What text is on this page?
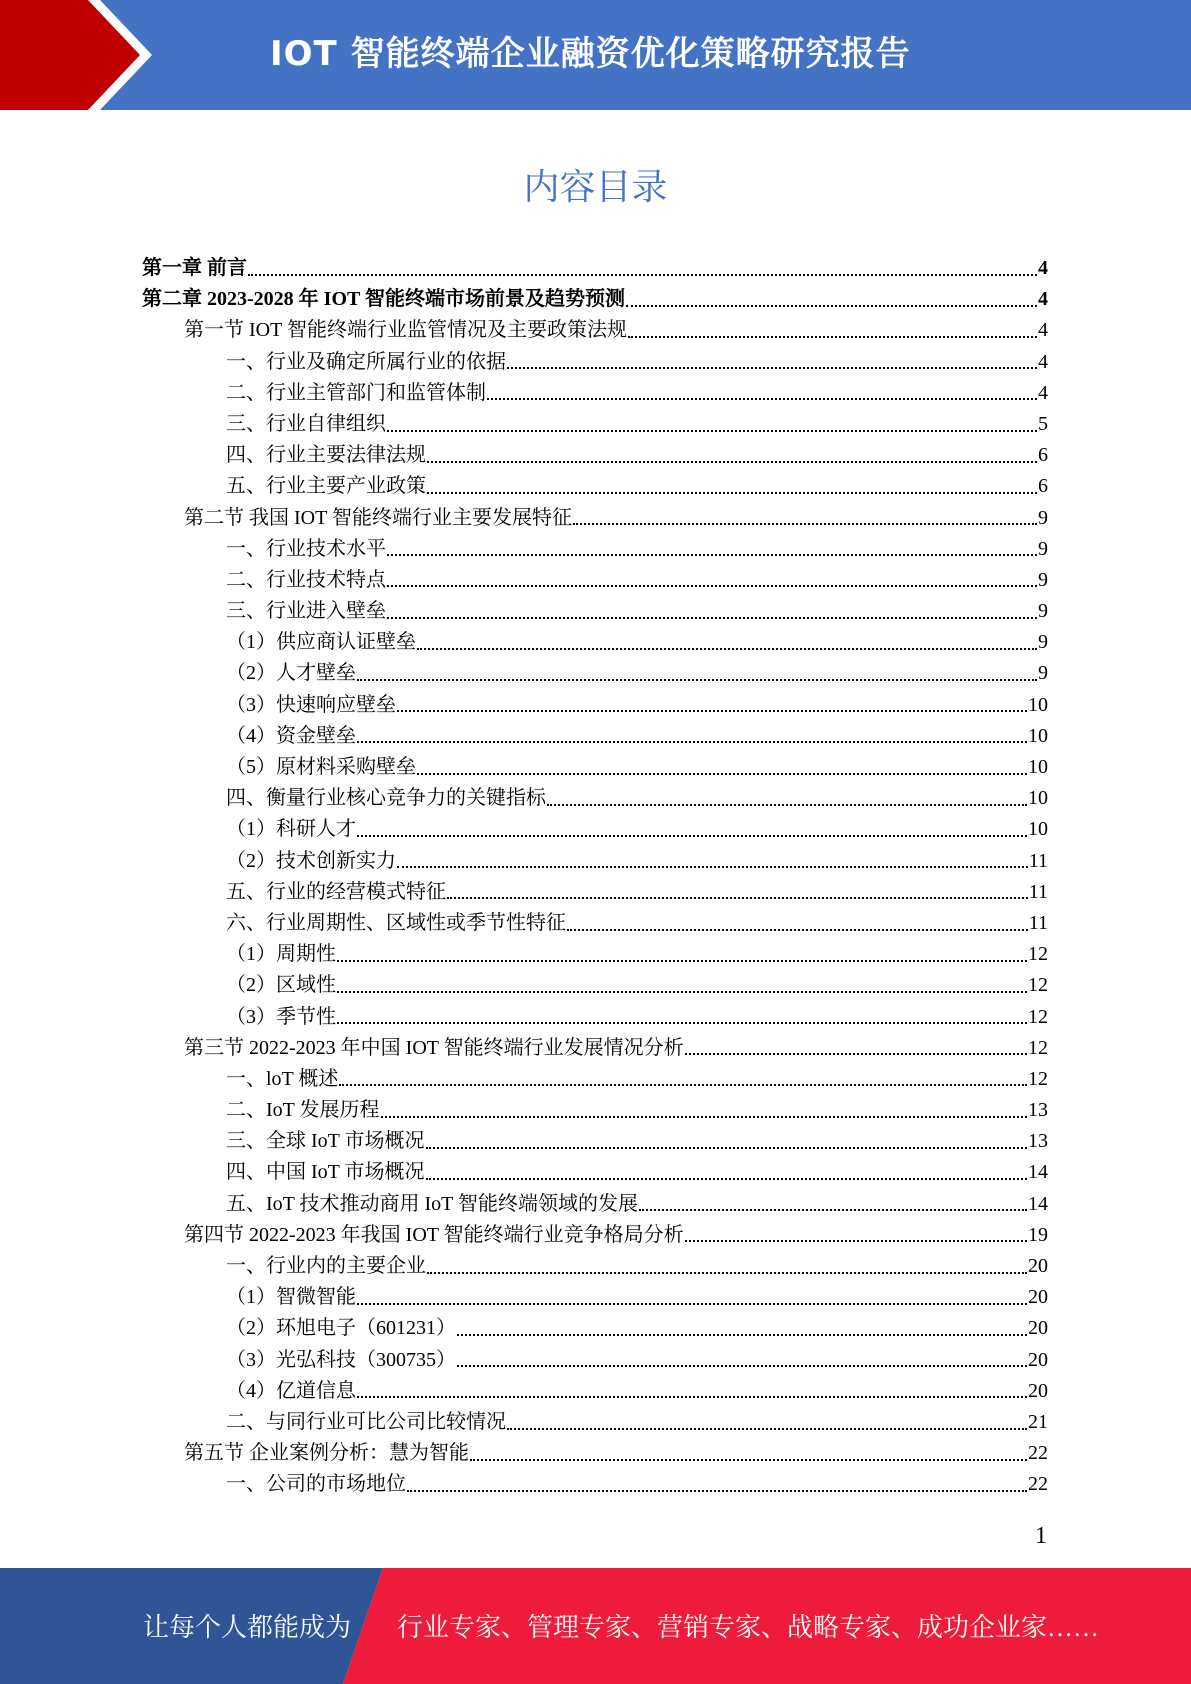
IOT 智能终端企业融资优化策略研究报告
内容目录
第一章 前言	4
第二章 2023-2028 年 IOT 智能终端市场前景及趋势预测	4
第一节 IOT 智能终端行业监管情况及主要政策法规	4
一、行业及确定所属行业的依据	4
二、行业主管部门和监管体制	4
三、行业自律组织	5
四、行业主要法律法规	6
五、行业主要产业政策	6
第二节 我国 IOT 智能终端行业主要发展特征	9
一、行业技术水平	9
二、行业技术特点	9
三、行业进入壁垒	9
（1）供应商认证壁垒	9
（2）人才壁垒	9
（3）快速响应壁垒	10
（4）资金壁垒	10
（5）原材料采购壁垒	10
四、衡量行业核心竞争力的关键指标	10
（1）科研人才	10
（2）技术创新实力	11
五、行业的经营模式特征	11
六、行业周期性、区域性或季节性特征	11
（1）周期性	12
（2）区域性	12
（3）季节性	12
第三节 2022-2023 年中国 IOT 智能终端行业发展情况分析	12
一、loT 概述	12
二、IoT 发展历程	13
三、全球 IoT 市场概况	13
四、中国 IoT 市场概况	14
五、IoT 技术推动商用 IoT 智能终端领域的发展	14
第四节 2022-2023 年我国 IOT 智能终端行业竞争格局分析	19
一、行业内的主要企业	20
（1）智微智能	20
（2）环旭电子（601231）	20
（3）光弘科技（300735）	20
（4）亿道信息	20
二、与同行业可比公司比较情况	21
第五节 企业案例分析：慧为智能	22
一、公司的市场地位	22
1
让每个人都能成为 行业专家、管理专家、营销专家、战略专家、成功企业家……
